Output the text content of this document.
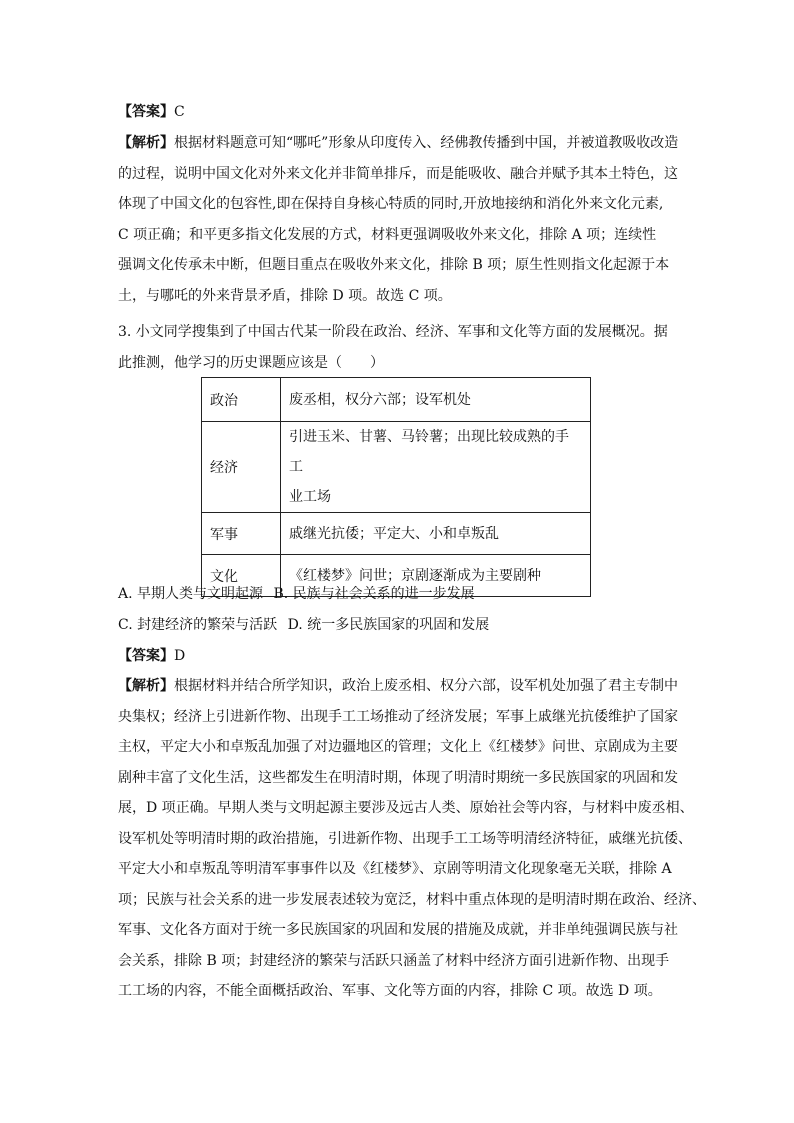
【答案】C
【解析】根据材料题意可知“哪吒”形象从印度传入、经佛教传播到中国，并被道教吸收改造
的过程，说明中国文化对外来文化并非简单排斥，而是能吸收、融合并赋予其本土特色，这
体现了中国文化的包容性,即在保持自身核心特质的同时,开放地接纳和消化外来文化元素,
C 项正确；和平更多指文化发展的方式，材料更强调吸收外来文化，排除 A 项；连续性
强调文化传承未中断，但题目重点在吸收外来文化，排除 B 项；原生性则指文化起源于本
土，与哪吒的外来背景矛盾，排除 D 项。故选 C 项。
3. 小文同学搜集到了中国古代某一阶段在政治、经济、军事和文化等方面的发展概况。据
此推测，他学习的历史课题应该是（　　）
政治	废丞相，权分六部；设军机处

经济	引进玉米、甘薯、马铃薯；出现比较成熟的手工
业工场

军事	戚继光抗倭；平定大、小和卓叛乱

文化	《红楼梦》问世；京剧逐渐成为主要剧种
A. 早期人类与文明起源 B. 民族与社会关系的进一步发展
C. 封建经济的繁荣与活跃 D. 统一多民族国家的巩固和发展
【答案】D
【解析】根据材料并结合所学知识，政治上废丞相、权分六部，设军机处加强了君主专制中
央集权；经济上引进新作物、出现手工工场推动了经济发展；军事上戚继光抗倭维护了国家
主权，平定大小和卓叛乱加强了对边疆地区的管理；文化上《红楼梦》问世、京剧成为主要
剧种丰富了文化生活，这些都发生在明清时期，体现了明清时期统一多民族国家的巩固和发
展，D 项正确。早期人类与文明起源主要涉及远古人类、原始社会等内容，与材料中废丞相、
设军机处等明清时期的政治措施，引进新作物、出现手工工场等明清经济特征，戚继光抗倭、
平定大小和卓叛乱等明清军事事件以及《红楼梦》、京剧等明清文化现象毫无关联，排除 A
项；民族与社会关系的进一步发展表述较为宽泛，材料中重点体现的是明清时期在政治、经济、
军事、文化各方面对于统一多民族国家的巩固和发展的措施及成就，并非单纯强调民族与社
会关系，排除 B 项；封建经济的繁荣与活跃只涵盖了材料中经济方面引进新作物、出现手
工工场的内容，不能全面概括政治、军事、文化等方面的内容，排除 C 项。故选 D 项。
